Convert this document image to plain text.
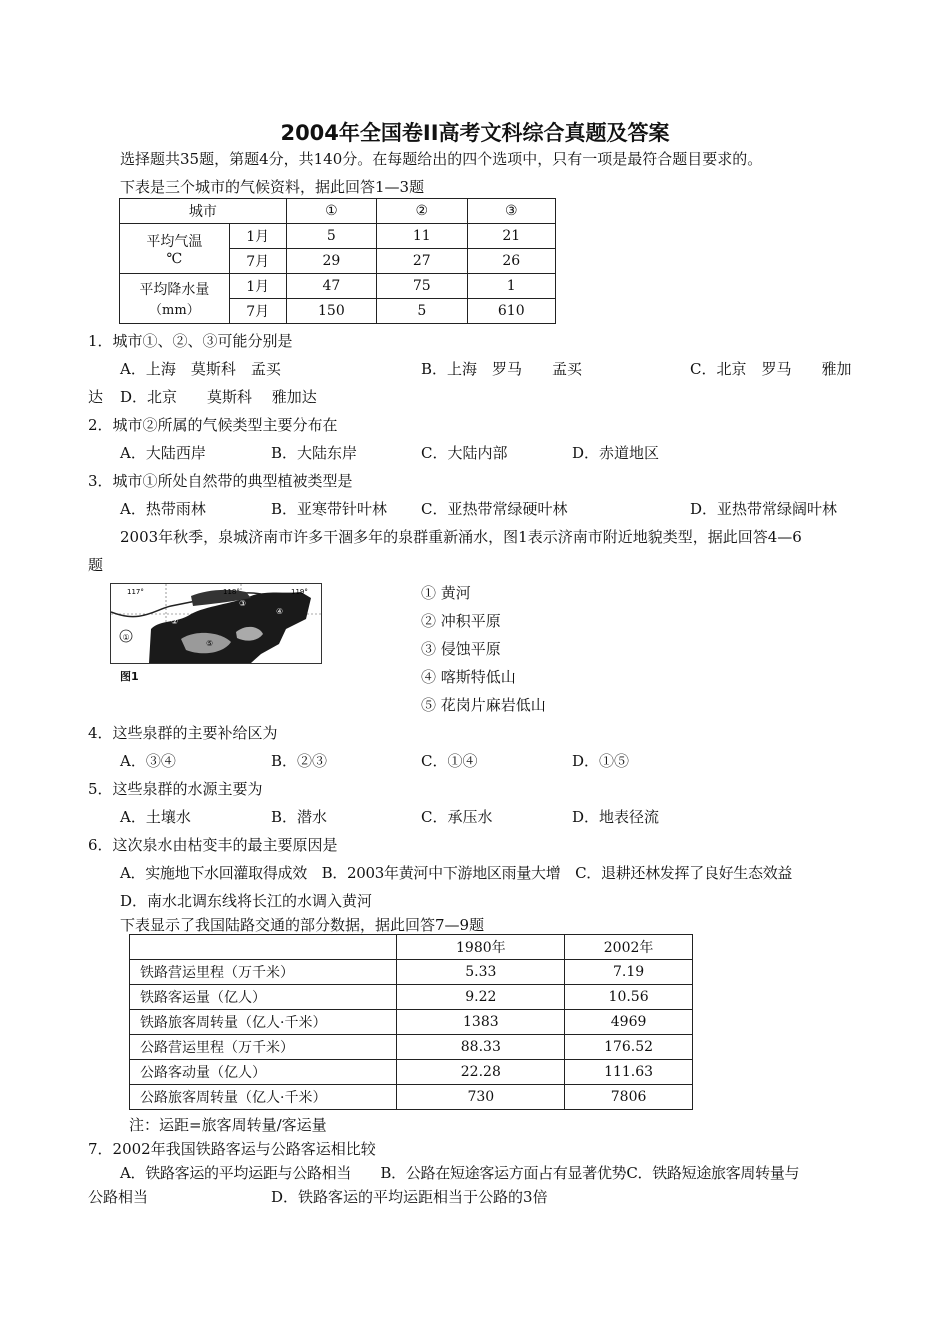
2004年全国卷II高考文科综合真题及答案
选择题共35题，第题4分，共140分。在每题给出的四个选项中，只有一项是最符合题目要求的。
下表是三个城市的气候资料，据此回答1—3题
城市		①	②	③

平均气温
℃	1月	5	11	21
	7月	29	27	26

平均降水量
（mm）	1月	47	75	1
	7月	150	5	610
1．城市①、②、③可能分别是
A．上海　莫斯科　孟买	B．上海　罗马　　孟买	C．北京　罗马　　雅加
达 D．北京　　莫斯科　 雅加达
2．城市②所属的气候类型主要分布在
A．大陆西岸	B．大陆东岸	C．大陆内部	D．赤道地区
3．城市①所处自然带的典型植被类型是
A．热带雨林	B．亚寒带针叶林 C．亚热带常绿硬叶林	D．亚热带常绿阔叶林
2003年秋季，泉城济南市许多干涸多年的泉群重新涌水，图1表示济南市附近地貌类型，据此回答4—6
题
①
117°	118°	119°
③
④
⑤
②
图1
① 黄河
② 冲积平原
③ 侵蚀平原
④ 喀斯特低山
⑤ 花岗片麻岩低山
4．这些泉群的主要补给区为
A．③④	B．②③	C．①④	D．①⑤
5．这些泉群的水源主要为
A．土壤水	B．潜水	C．承压水	D．地表径流
6．这次泉水由枯变丰的最主要原因是
A．实施地下水回灌取得成效　B．2003年黄河中下游地区雨量大增　C．退耕还林发挥了良好生态效益
D．南水北调东线将长江的水调入黄河
下表显示了我国陆路交通的部分数据，据此回答7—9题
	1980年	2002年
铁路营运里程（万千米）	5.33	7.19
铁路客运量（亿人）	9.22	10.56
铁路旅客周转量（亿人·千米）	1383	4969
公路营运里程（万千米）	88.33	176.52
公路客动量（亿人）	22.28	111.63
公路旅客周转量（亿人·千米）	730	7806
注：运距=旅客周转量/客运量
7．2002年我国铁路客运与公路客运相比较
A．铁路客运的平均运距与公路相当　　B．公路在短途客运方面占有显著优势C．铁路短途旅客周转量与
公路相当	D．铁路客运的平均运距相当于公路的3倍
